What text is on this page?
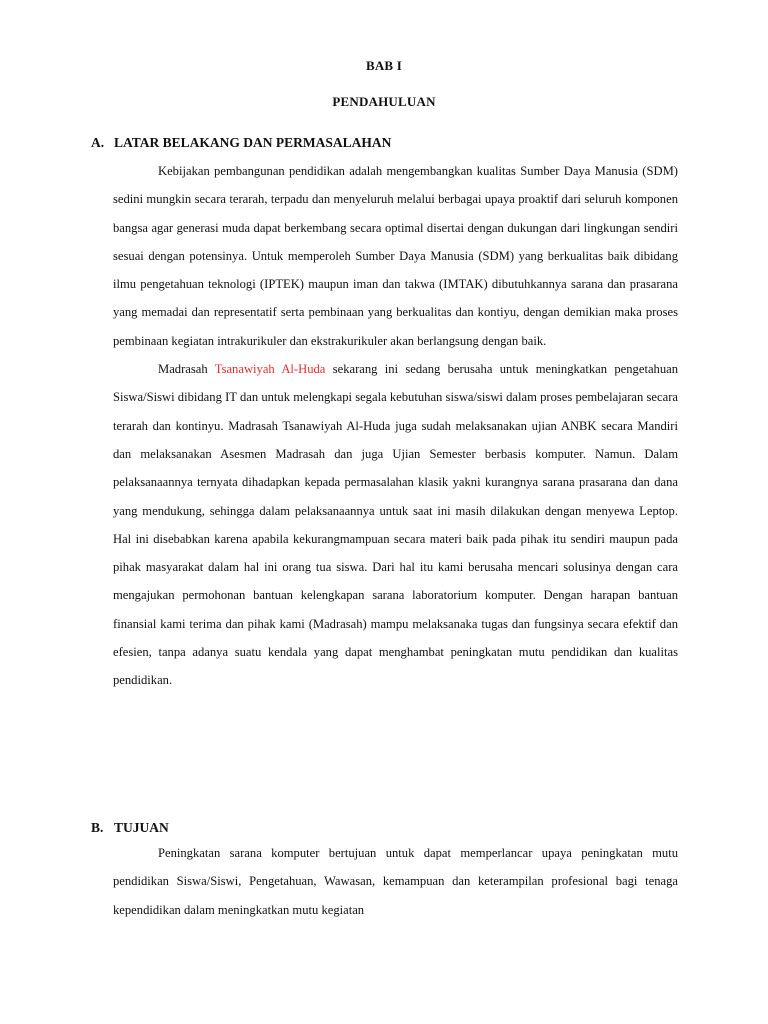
BAB I
PENDAHULUAN
A. LATAR BELAKANG DAN PERMASALAHAN

Kebijakan pembangunan pendidikan adalah mengembangkan kualitas Sumber Daya Manusia (SDM) sedini mungkin secara terarah, terpadu dan menyeluruh melalui berbagai upaya proaktif dari seluruh komponen bangsa agar generasi muda dapat berkembang secara optimal disertai dengan dukungan dari lingkungan sendiri sesuai dengan potensinya. Untuk memperoleh Sumber Daya Manusia (SDM) yang berkualitas baik dibidang ilmu pengetahuan teknologi (IPTEK) maupun iman dan takwa (IMTAK) dibutuhkannya sarana dan prasarana yang memadai dan representatif serta pembinaan yang berkualitas dan kontiyu, dengan demikian maka proses pembinaan kegiatan intrakurikuler dan ekstrakurikuler akan berlangsung dengan baik.

Madrasah Tsanawiyah Al-Huda sekarang ini sedang berusaha untuk meningkatkan pengetahuan Siswa/Siswi dibidang IT dan untuk melengkapi segala kebutuhan siswa/siswi dalam proses pembelajaran secara terarah dan kontinyu. Madrasah Tsanawiyah Al-Huda juga sudah melaksanakan ujian ANBK secara Mandiri dan melaksanakan Asesmen Madrasah dan juga Ujian Semester berbasis komputer. Namun. Dalam pelaksanaannya ternyata dihadapkan kepada permasalahan klasik yakni kurangnya sarana prasarana dan dana yang mendukung, sehingga dalam pelaksanaannya untuk saat ini masih dilakukan dengan menyewa Leptop. Hal ini disebabkan karena apabila kekurangmampuan secara materi baik pada pihak itu sendiri maupun pada pihak masyarakat dalam hal ini orang tua siswa. Dari hal itu kami berusaha mencari solusinya dengan cara mengajukan permohonan bantuan kelengkapan sarana laboratorium komputer. Dengan harapan bantuan finansial kami terima dan pihak kami (Madrasah) mampu melaksanaka tugas dan fungsinya secara efektif dan efesien, tanpa adanya suatu kendala yang dapat menghambat peningkatan mutu pendidikan dan kualitas pendidikan.

B. TUJUAN

Peningkatan sarana komputer bertujuan untuk dapat memperlancar upaya peningkatan mutu pendidikan Siswa/Siswi, Pengetahuan, Wawasan, kemampuan dan keterampilan profesional bagi tenaga kependidikan dalam meningkatkan mutu kegiatan
